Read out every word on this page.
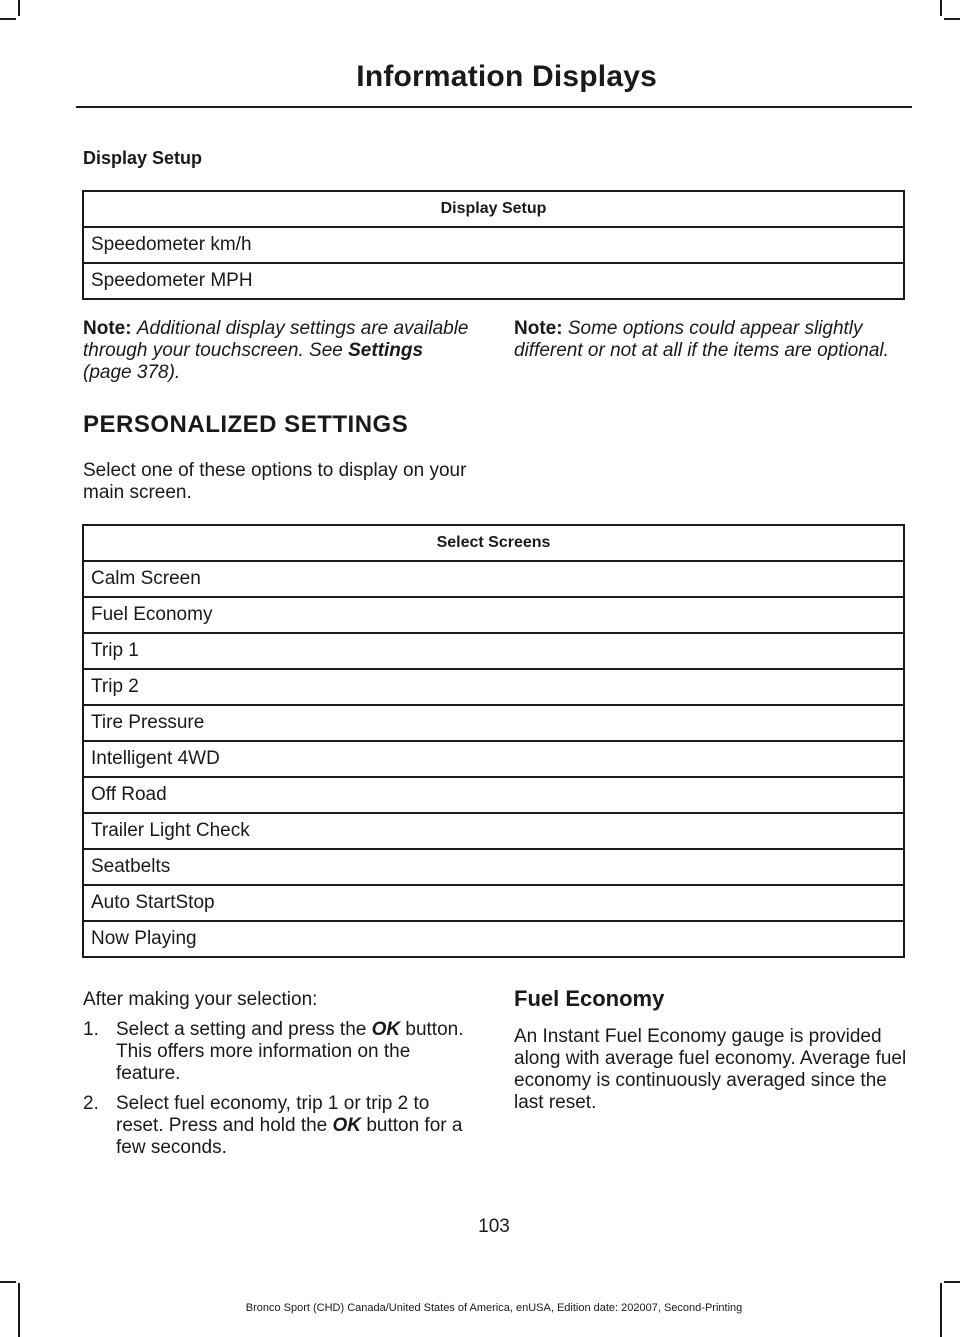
Information Displays
Display Setup
Display Setup
Speedometer km/h
Speedometer MPH
Note: Additional display settings are available through your touchscreen. See Settings (page 378).
Note: Some options could appear slightly different or not at all if the items are optional.
PERSONALIZED SETTINGS
Select one of these options to display on your main screen.
Select Screens
Calm Screen
Fuel Economy
Trip 1
Trip 2
Tire Pressure
Intelligent 4WD
Off Road
Trailer Light Check
Seatbelts
Auto StartStop
Now Playing
After making your selection:
1. Select a setting and press the OK button. This offers more information on the feature.
2. Select fuel economy, trip 1 or trip 2 to reset. Press and hold the OK button for a few seconds.
Fuel Economy
An Instant Fuel Economy gauge is provided along with average fuel economy. Average fuel economy is continuously averaged since the last reset.
103
Bronco Sport (CHD) Canada/United States of America, enUSA, Edition date: 202007, Second-Printing
